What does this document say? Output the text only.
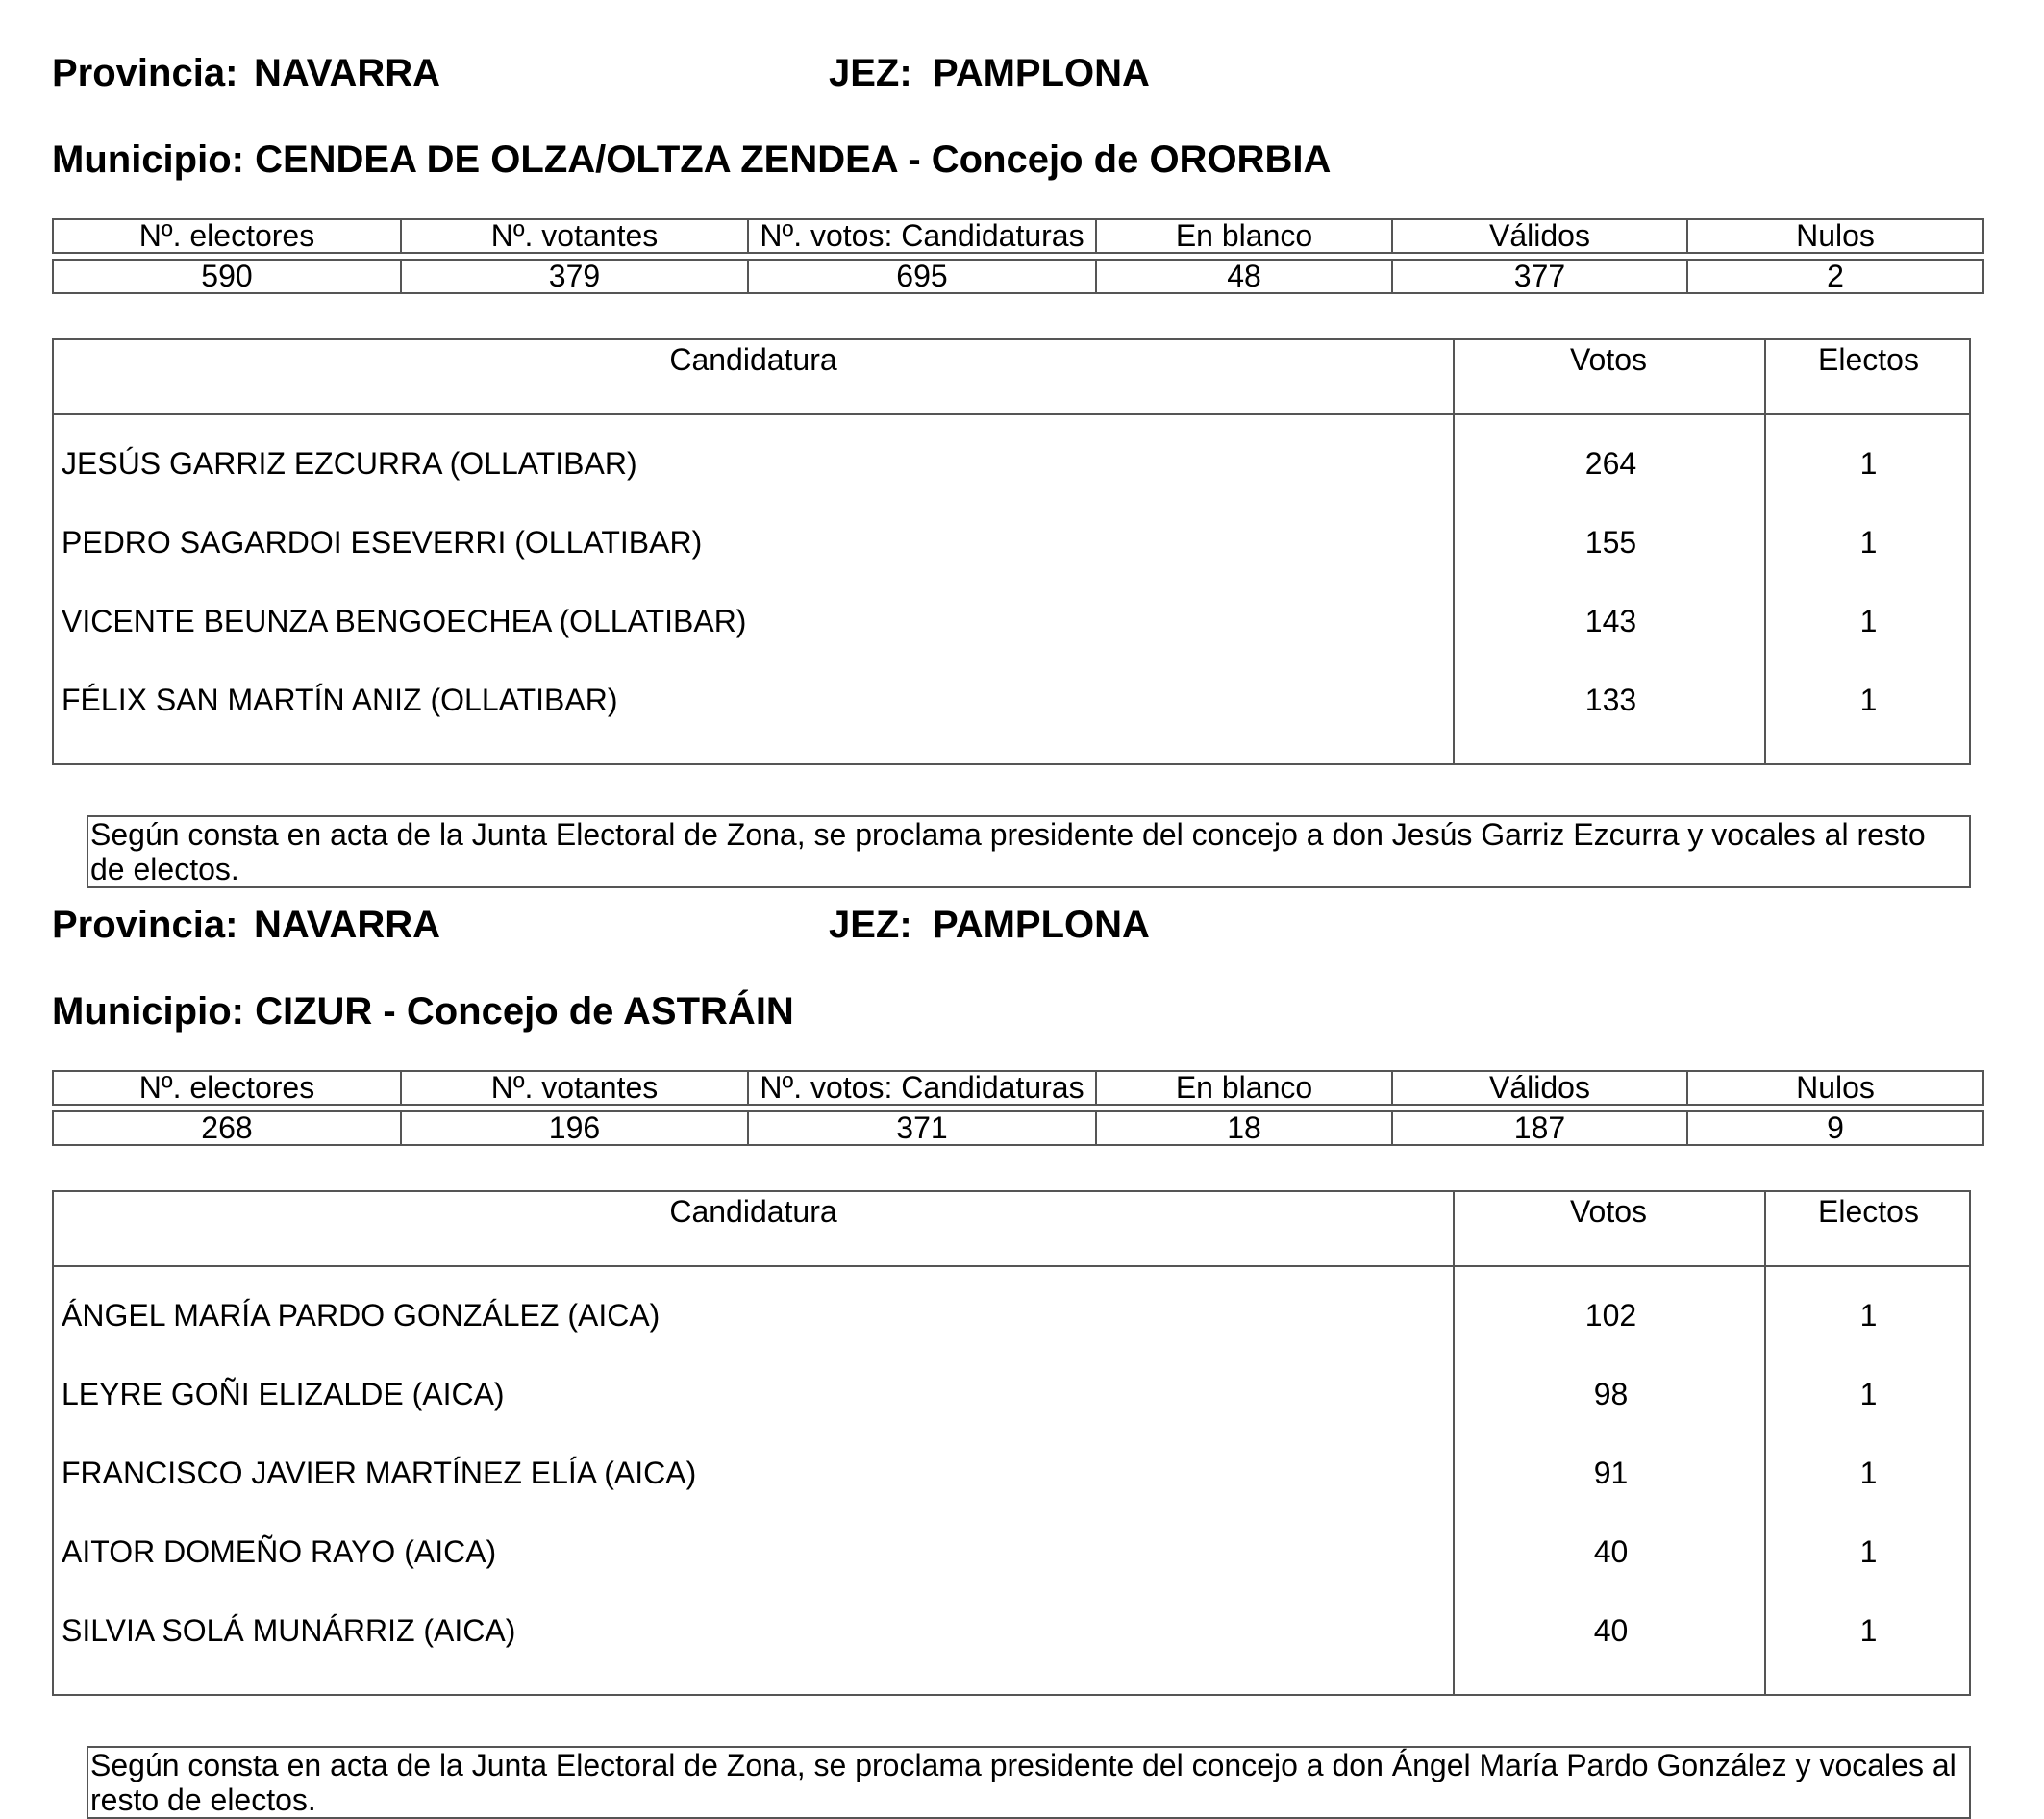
Provincia: NAVARRA	JEZ: PAMPLONA
Municipio: CENDEA DE OLZA/OLTZA ZENDEA - Concejo de ORORBIA
Nº. electores	Nº. votantes	Nº. votos: Candidaturas	En blanco	Válidos	Nulos
590	379	695	48	377	2
Candidatura	Votos	Electos
JESÚS GARRIZ EZCURRA (OLLATIBAR)	264	1
PEDRO SAGARDOI ESEVERRI (OLLATIBAR)	155	1
VICENTE BEUNZA BENGOECHEA (OLLATIBAR)	143	1
FÉLIX SAN MARTÍN ANIZ (OLLATIBAR)	133	1
Según consta en acta de la Junta Electoral de Zona, se proclama presidente del concejo a don Jesús Garriz Ezcurra y vocales al resto de electos.
Provincia: NAVARRA	JEZ: PAMPLONA
Municipio: CIZUR - Concejo de ASTRÁIN
Nº. electores	Nº. votantes	Nº. votos: Candidaturas	En blanco	Válidos	Nulos
268	196	371	18	187	9
Candidatura	Votos	Electos
ÁNGEL MARÍA PARDO GONZÁLEZ (AICA)	102	1
LEYRE GOÑI ELIZALDE (AICA)	98	1
FRANCISCO JAVIER MARTÍNEZ ELÍA (AICA)	91	1
AITOR DOMEÑO RAYO (AICA)	40	1
SILVIA SOLÁ MUNÁRRIZ (AICA)	40	1
Según consta en acta de la Junta Electoral de Zona, se proclama presidente del concejo a don Ángel María Pardo González y vocales al resto de electos.
